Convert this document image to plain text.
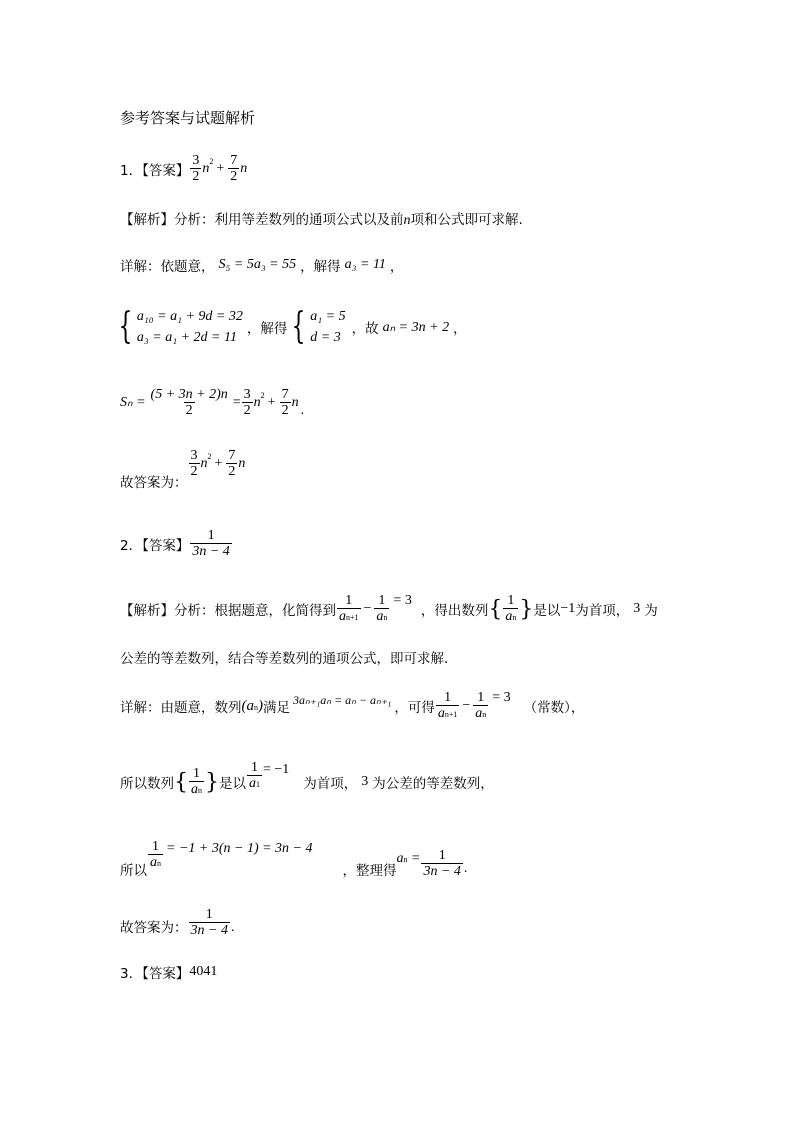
参考答案与试题解析
1．【答案】 $\frac{3}{2}$ n $2 + \frac{7}{2}$ n
【解析】分析：利用等差数列的通项公式以及前n项和公式即可求解.
详解：依题意， S₅ = 5a₃ = 55 ，解得 a₃ = 11 ，
{ a₁₀ = a₁ + 9d = 32
a₃ = a₁ + 2d = 11
，解得 { a₁ = 5
d = 3
，故 aₙ = 3n + 2 ，
$S_n = \frac{(5 + 3n + 2)n}{2} = \frac{3}{2}$ n $2 + \frac{7}{2}$ n
.
故答案为：
$\frac{3}{2}$ n $2 + \frac{7}{2}$ n
2．【答案】 $\frac{1}{3n - 4}$
【解析】分析：根据题意，化简得到 $\frac{1}{an+1} - \frac{1}{an} = 3$
，得出数列 { $\frac{1}{an}$ } 是以 −1 为首项， 3 为
公差的等差数列，结合等差数列的通项公式，即可求解.
详解：由题意，数列 (an) 满足
3aₙ₊₁aₙ = aₙ − aₙ₊₁
，可得 $\frac{1}{an+1} - \frac{1}{an} = 3$
（常数），
所以数列 { $\frac{1}{an}$ } 是以 $\frac{1}{a1} = -1$
为首项， 3 为公差的等差数列，
所以 $\frac{1}{an} = -1 + 3(n - 1) = 3n - 4$
，整理得
an = $\frac{1}{3n - 4}$ .
故答案为： $\frac{1}{3n - 4}$ .
3．【答案】 4041
